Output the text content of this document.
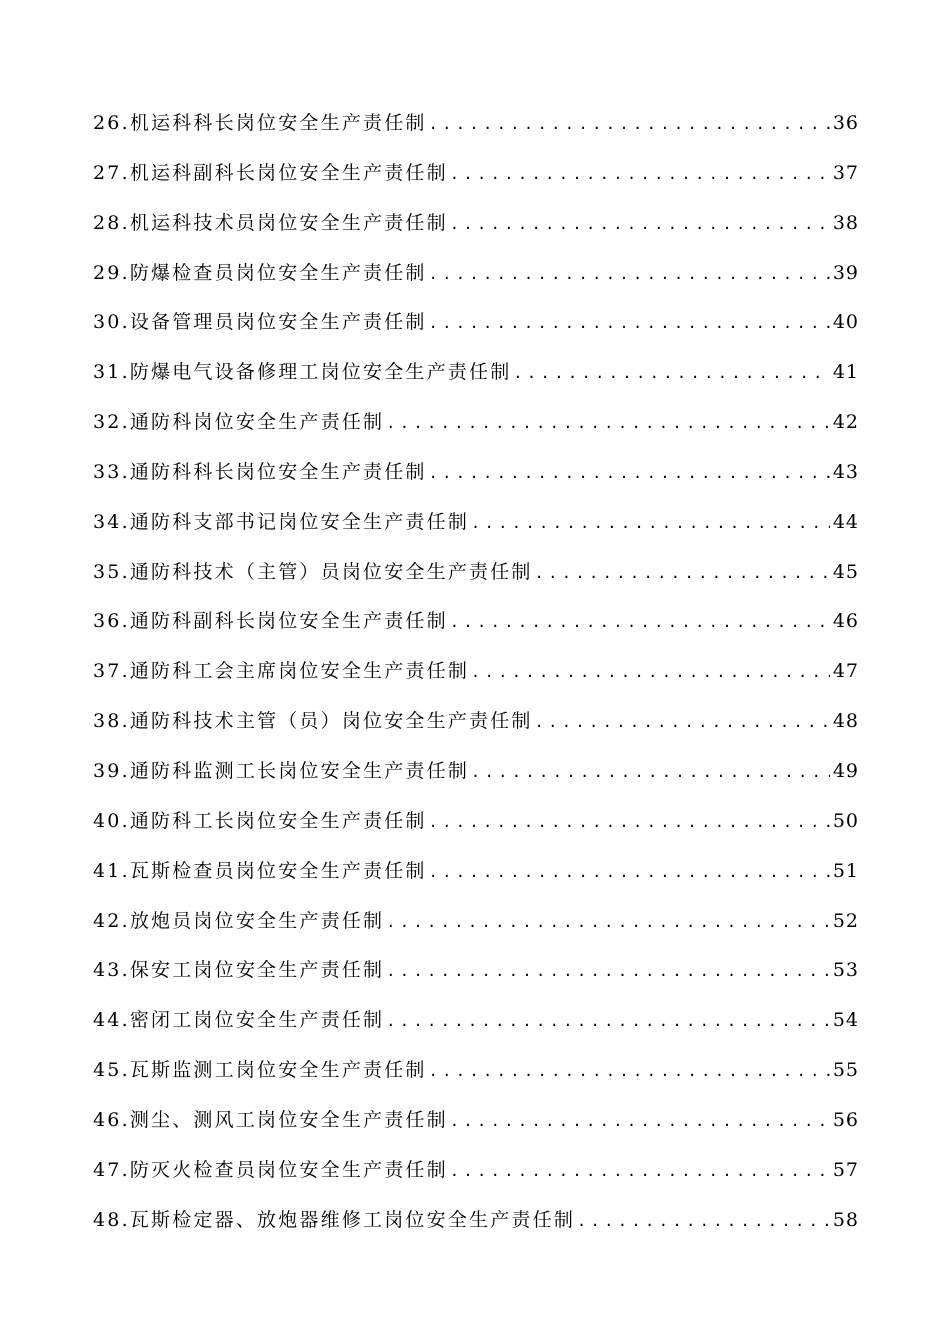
26.机运科科长岗位安全生产责任制 .....	36
27.机运科副科长岗位安全生产责任制 .....	37
28.机运科技术员岗位安全生产责任制 .....	38
29.防爆检查员岗位安全生产责任制 .....	39
30.设备管理员岗位安全生产责任制 .....	40
31.防爆电气设备修理工岗位安全生产责任制 .....	41
32.通防科岗位安全生产责任制 .....	42
33.通防科科长岗位安全生产责任制 .....	43
34.通防科支部书记岗位安全生产责任制 .....	44
35.通防科技术（主管）员岗位安全生产责任制 .....	45
36.通防科副科长岗位安全生产责任制 .....	46
37.通防科工会主席岗位安全生产责任制 .....	47
38.通防科技术主管（员）岗位安全生产责任制 .....	48
39.通防科监测工长岗位安全生产责任制 .....	49
40.通防科工长岗位安全生产责任制 .....	50
41.瓦斯检查员岗位安全生产责任制 .....	51
42.放炮员岗位安全生产责任制 .....	52
43.保安工岗位安全生产责任制 .....	53
44.密闭工岗位安全生产责任制 .....	54
45.瓦斯监测工岗位安全生产责任制 .....	55
46.测尘、测风工岗位安全生产责任制 .....	56
47.防灭火检查员岗位安全生产责任制 .....	57
48.瓦斯检定器、放炮器维修工岗位安全生产责任制 .....	58
